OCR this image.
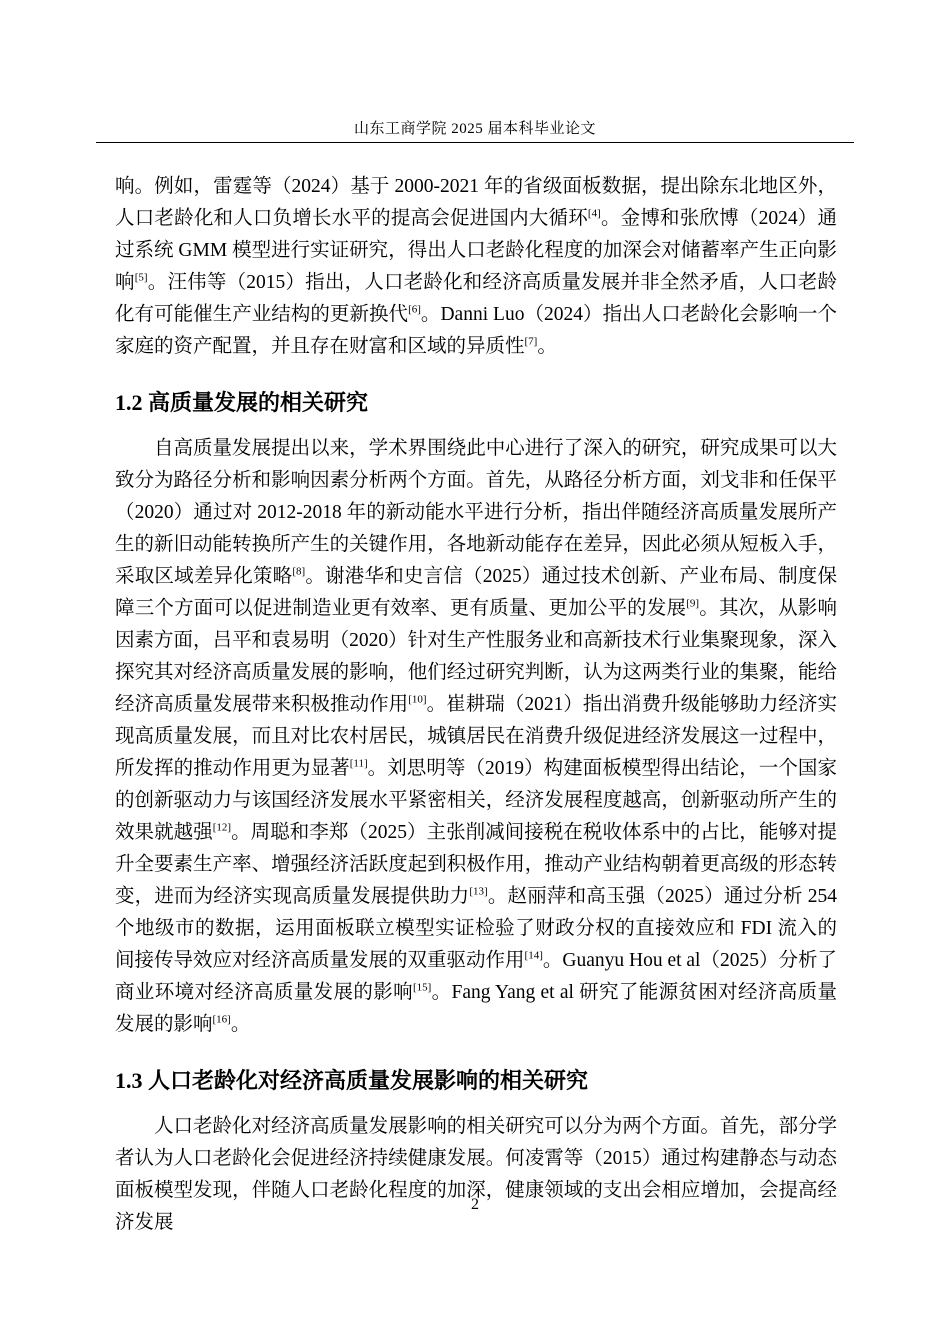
山东工商学院 2025 届本科毕业论文

响。例如，雷霆等（2024）基于 2000-2021 年的省级面板数据，提出除东北地区外，人口老龄化和人口负增长水平的提高会促进国内大循环[4]。金博和张欣博（2024）通过系统 GMM 模型进行实证研究，得出人口老龄化程度的加深会对储蓄率产生正向影响[5]。汪伟等（2015）指出，人口老龄化和经济高质量发展并非全然矛盾，人口老龄化有可能催生产业结构的更新换代[6]。Danni Luo（2024）指出人口老龄化会影响一个家庭的资产配置，并且存在财富和区域的异质性[7]。

1.2 高质量发展的相关研究

自高质量发展提出以来，学术界围绕此中心进行了深入的研究，研究成果可以大致分为路径分析和影响因素分析两个方面。首先，从路径分析方面，刘戈非和任保平（2020）通过对 2012-2018 年的新动能水平进行分析，指出伴随经济高质量发展所产生的新旧动能转换所产生的关键作用，各地新动能存在差异，因此必须从短板入手，采取区域差异化策略[8]。谢港华和史言信（2025）通过技术创新、产业布局、制度保障三个方面可以促进制造业更有效率、更有质量、更加公平的发展[9]。其次，从影响因素方面，吕平和袁易明（2020）针对生产性服务业和高新技术行业集聚现象，深入探究其对经济高质量发展的影响，他们经过研究判断，认为这两类行业的集聚，能给经济高质量发展带来积极推动作用[10]。崔耕瑞（2021）指出消费升级能够助力经济实现高质量发展，而且对比农村居民，城镇居民在消费升级促进经济发展这一过程中，所发挥的推动作用更为显著[11]。刘思明等（2019）构建面板模型得出结论，一个国家的创新驱动力与该国经济发展水平紧密相关，经济发展程度越高，创新驱动所产生的效果就越强[12]。周聪和李郑（2025）主张削减间接税在税收体系中的占比，能够对提升全要素生产率、增强经济活跃度起到积极作用，推动产业结构朝着更高级的形态转变，进而为经济实现高质量发展提供助力[13]。赵丽萍和高玉强（2025）通过分析 254 个地级市的数据，运用面板联立模型实证检验了财政分权的直接效应和 FDI 流入的间接传导效应对经济高质量发展的双重驱动作用[14]。Guanyu Hou et al（2025）分析了商业环境对经济高质量发展的影响[15]。Fang Yang et al 研究了能源贫困对经济高质量发展的影响[16]。

1.3 人口老龄化对经济高质量发展影响的相关研究

人口老龄化对经济高质量发展影响的相关研究可以分为两个方面。首先，部分学者认为人口老龄化会促进经济持续健康发展。何凌霄等（2015）通过构建静态与动态面板模型发现，伴随人口老龄化程度的加深，健康领域的支出会相应增加，会提高经济发展

2
